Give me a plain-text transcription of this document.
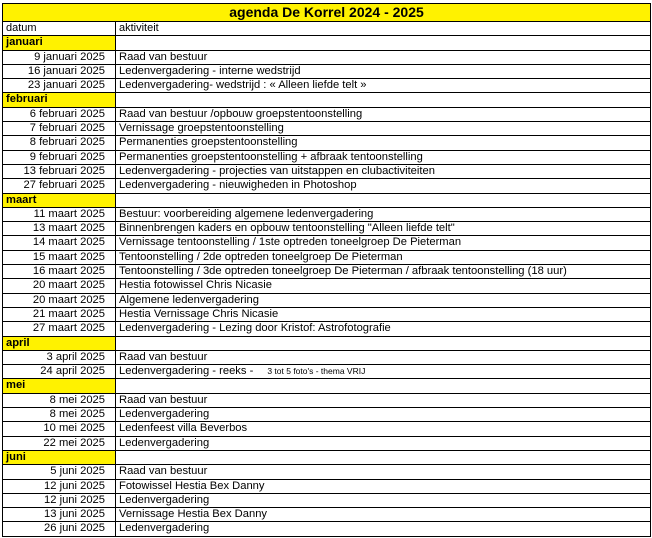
agenda De Korrel 2024 - 2025	
datum	aktiviteit
januari	
9 januari 2025	Raad van bestuur
16 januari 2025	Ledenvergadering - interne wedstrijd
23 januari 2025	Ledenvergadering- wedstrijd : « Alleen liefde telt »
februari	
6 februari 2025	Raad van bestuur /opbouw groepstentoonstelling
7 februari 2025	Vernissage groepstentoonstelling
8 februari 2025	Permanenties groepstentoonstelling
9 februari 2025	Permanenties groepstentoonstelling + afbraak tentoonstelling
13 februari 2025	Ledenvergadering - projecties van uitstappen en clubactiviteiten
27 februari 2025	Ledenvergadering - nieuwigheden in Photoshop
maart	
11 maart 2025	Bestuur: voorbereiding algemene ledenvergadering
13 maart 2025	Binnenbrengen kaders en opbouw tentoonstelling "Alleen liefde telt"
14 maart 2025	Vernissage tentoonstelling / 1ste optreden toneelgroep De Pieterman
15 maart 2025	Tentoonstelling / 2de optreden toneelgroep De Pieterman
16 maart 2025	Tentoonstelling / 3de optreden toneelgroep De Pieterman / afbraak tentoonstelling (18 uur)
20 maart 2025	Hestia fotowissel Chris Nicasie
20 maart 2025	Algemene ledenvergadering
21 maart 2025	Hestia Vernissage Chris Nicasie
27 maart 2025	Ledenvergadering - Lezing door Kristof: Astrofotografie
april	
3 april 2025	Raad van bestuur
24 april 2025	Ledenvergadering - reeks - 3 tot 5 foto's - thema VRIJ
mei	
8 mei 2025	Raad van bestuur
8 mei 2025	Ledenvergadering
10 mei 2025	Ledenfeest villa Beverbos
22 mei 2025	Ledenvergadering
juni	
5 juni 2025	Raad van bestuur
12 juni 2025	Fotowissel Hestia Bex Danny
12 juni 2025	Ledenvergadering
13 juni 2025	Vernissage Hestia Bex Danny
26 juni 2025	Ledenvergadering
